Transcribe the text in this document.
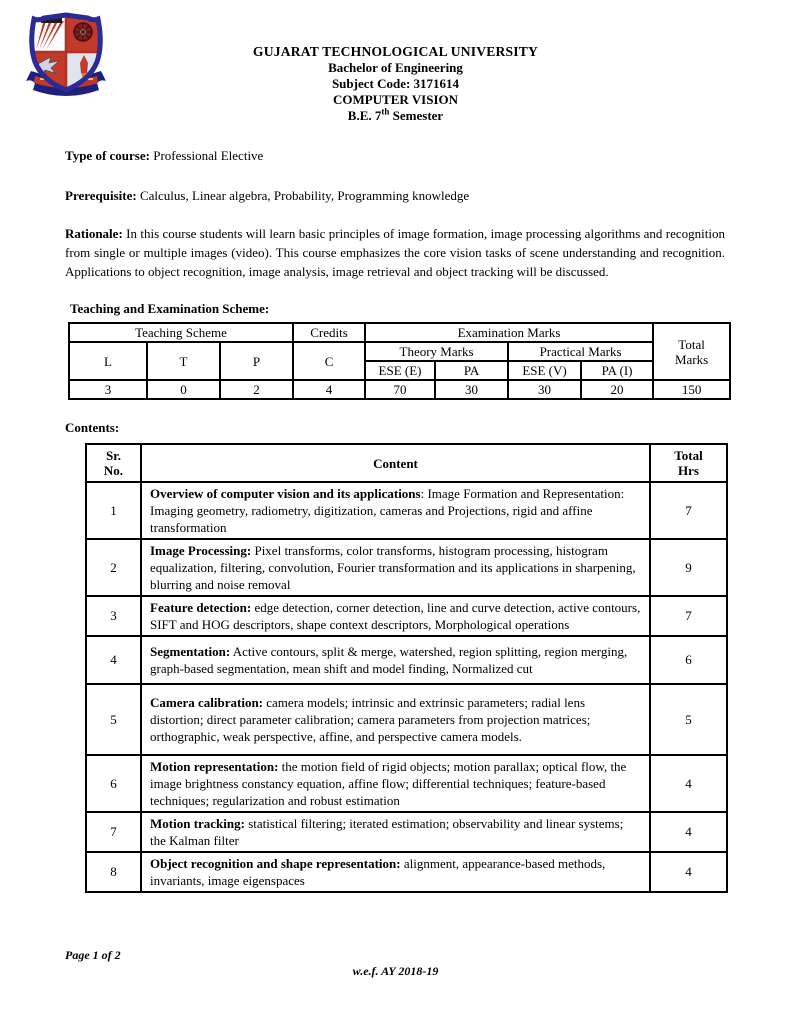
GUJARAT TECHNOLOGICAL UNIVERSITY
Bachelor of Engineering
Subject Code: 3171614
COMPUTER VISION
B.E. 7th Semester

Type of course: Professional Elective

Prerequisite: Calculus, Linear algebra, Probability, Programming knowledge

Rationale: In this course students will learn basic principles of image formation, image processing algorithms and recognition from single or multiple images (video). This course emphasizes the core vision tasks of scene understanding and recognition. Applications to object recognition, image analysis, image retrieval and object tracking will be discussed.

Teaching and Examination Scheme:
Teaching Scheme			Credits	Examination Marks				Total
Marks

L	T	P	C	Theory Marks		Practical Marks		
				ESE (E)	PA	ESE (V)	PA (I)	
3	0	2	4	70	30	30	20	150
Contents:
Sr.
No.	Content	Total
Hrs

1	Overview of computer vision and its applications: Image Formation and Representation: Imaging geometry, radiometry, digitization, cameras and Projections, rigid and affine transformation	7
2	Image Processing: Pixel transforms, color transforms, histogram processing, histogram equalization, filtering, convolution, Fourier transformation and its applications in sharpening, blurring and noise removal	9
3	Feature detection: edge detection, corner detection, line and curve detection, active contours, SIFT and HOG descriptors, shape context descriptors, Morphological operations	7
4	Segmentation: Active contours, split & merge, watershed, region splitting, region merging, graph-based segmentation, mean shift and model finding, Normalized cut	6
5	Camera calibration: camera models; intrinsic and extrinsic parameters; radial lens distortion; direct parameter calibration; camera parameters from projection matrices; orthographic, weak perspective, affine, and perspective camera models.	5
6	Motion representation: the motion field of rigid objects; motion parallax; optical flow, the image brightness constancy equation, affine flow; differential techniques; feature-based techniques; regularization and robust estimation	4
7	Motion tracking: statistical filtering; iterated estimation; observability and linear systems; the Kalman filter	4
8	Object recognition and shape representation: alignment, appearance-based methods, invariants, image eigenspaces	4
Page 1 of 2
w.e.f. AY 2018-19
